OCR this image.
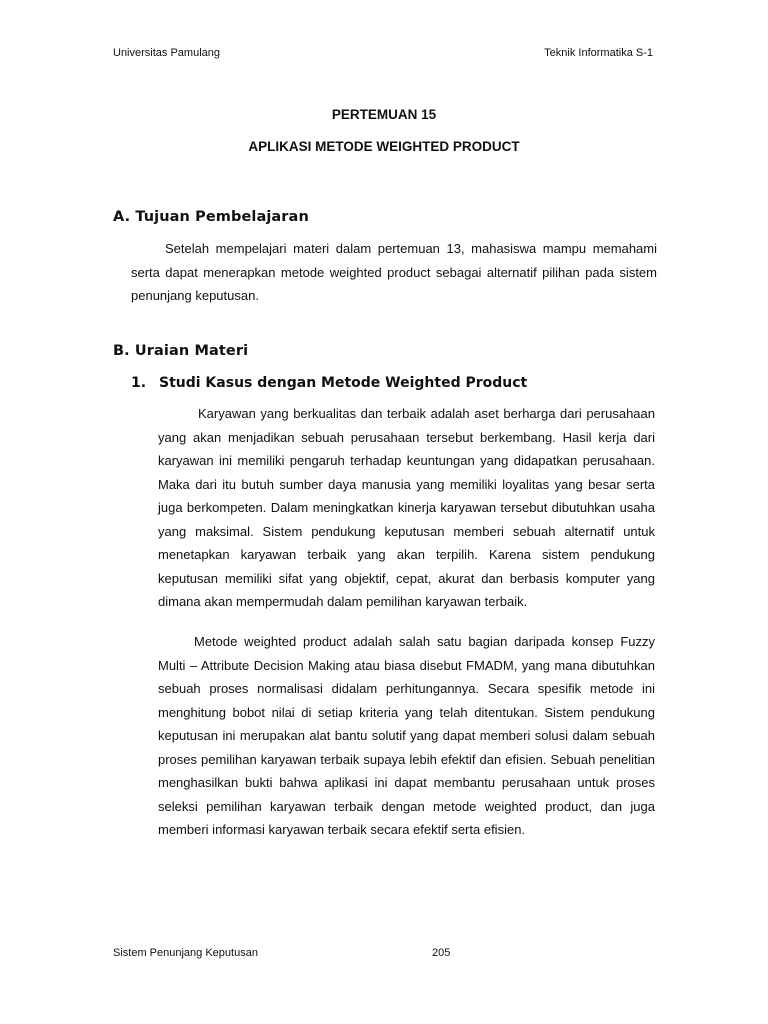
Universitas Pamulang	Teknik Informatika S-1
PERTEMUAN 15
APLIKASI METODE WEIGHTED PRODUCT
A. Tujuan Pembelajaran

Setelah mempelajari materi dalam pertemuan 13, mahasiswa mampu memahami serta dapat menerapkan metode weighted product sebagai alternatif pilihan pada sistem penunjang keputusan.

B. Uraian Materi
1. Studi Kasus dengan Metode Weighted Product

Karyawan yang berkualitas dan terbaik adalah aset berharga dari perusahaan yang akan menjadikan sebuah perusahaan tersebut berkembang. Hasil kerja dari karyawan ini memiliki pengaruh terhadap keuntungan yang didapatkan perusahaan. Maka dari itu butuh sumber daya manusia yang memiliki loyalitas yang besar serta juga berkompeten. Dalam meningkatkan kinerja karyawan tersebut dibutuhkan usaha yang maksimal. Sistem pendukung keputusan memberi sebuah alternatif untuk menetapkan karyawan terbaik yang akan terpilih. Karena sistem pendukung keputusan memiliki sifat yang objektif, cepat, akurat dan berbasis komputer yang dimana akan mempermudah dalam pemilihan karyawan terbaik.

Metode weighted product adalah salah satu bagian daripada konsep Fuzzy Multi – Attribute Decision Making atau biasa disebut FMADM, yang mana dibutuhkan sebuah proses normalisasi didalam perhitungannya. Secara spesifik metode ini menghitung bobot nilai di setiap kriteria yang telah ditentukan. Sistem pendukung keputusan ini merupakan alat bantu solutif yang dapat memberi solusi dalam sebuah proses pemilihan karyawan terbaik supaya lebih efektif dan efisien. Sebuah penelitian menghasilkan bukti bahwa aplikasi ini dapat membantu perusahaan untuk proses seleksi pemilihan karyawan terbaik dengan metode weighted product, dan juga memberi informasi karyawan terbaik secara efektif serta efisien.

Sistem Penunjang Keputusan	205
